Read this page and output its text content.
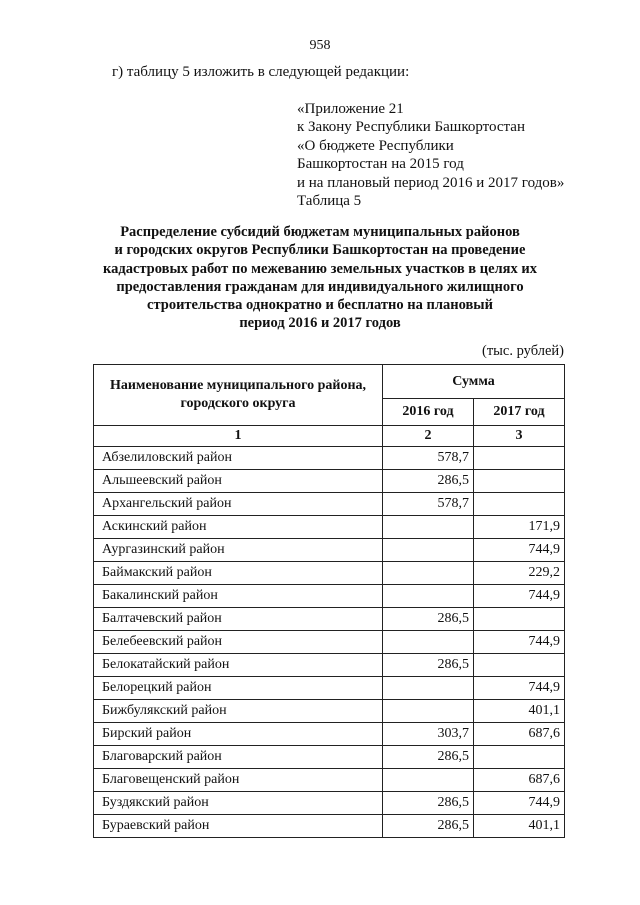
958
г) таблицу 5 изложить в следующей редакции:
«Приложение 21
к Закону Республики Башкортостан
«О бюджете Республики
Башкортостан на 2015 год
и на плановый период 2016 и 2017 годов»
Таблица 5
Распределение субсидий бюджетам муниципальных районов
и городских округов Республики Башкортостан на проведение
кадастровых работ по межеванию земельных участков в целях их
предоставления гражданам для индивидуального жилищного
строительства однократно и бесплатно на плановый
период 2016 и 2017 годов
(тыс. рублей)
Наименование муниципального района, городского округа	Сумма	
	2016 год	2017 год
1	2	3
Абзелиловский район	578,7	
Альшеевский район	286,5	
Архангельский район	578,7	
Аскинский район		171,9
Аургазинский район		744,9
Баймакский район		229,2
Бакалинский район		744,9
Балтачевский район	286,5	
Белебеевский район		744,9
Белокатайский район	286,5	
Белорецкий район		744,9
Бижбулякский район		401,1
Бирский район	303,7	687,6
Благоварский район	286,5	
Благовещенский район		687,6
Буздякский район	286,5	744,9
Бураевский район	286,5	401,1
